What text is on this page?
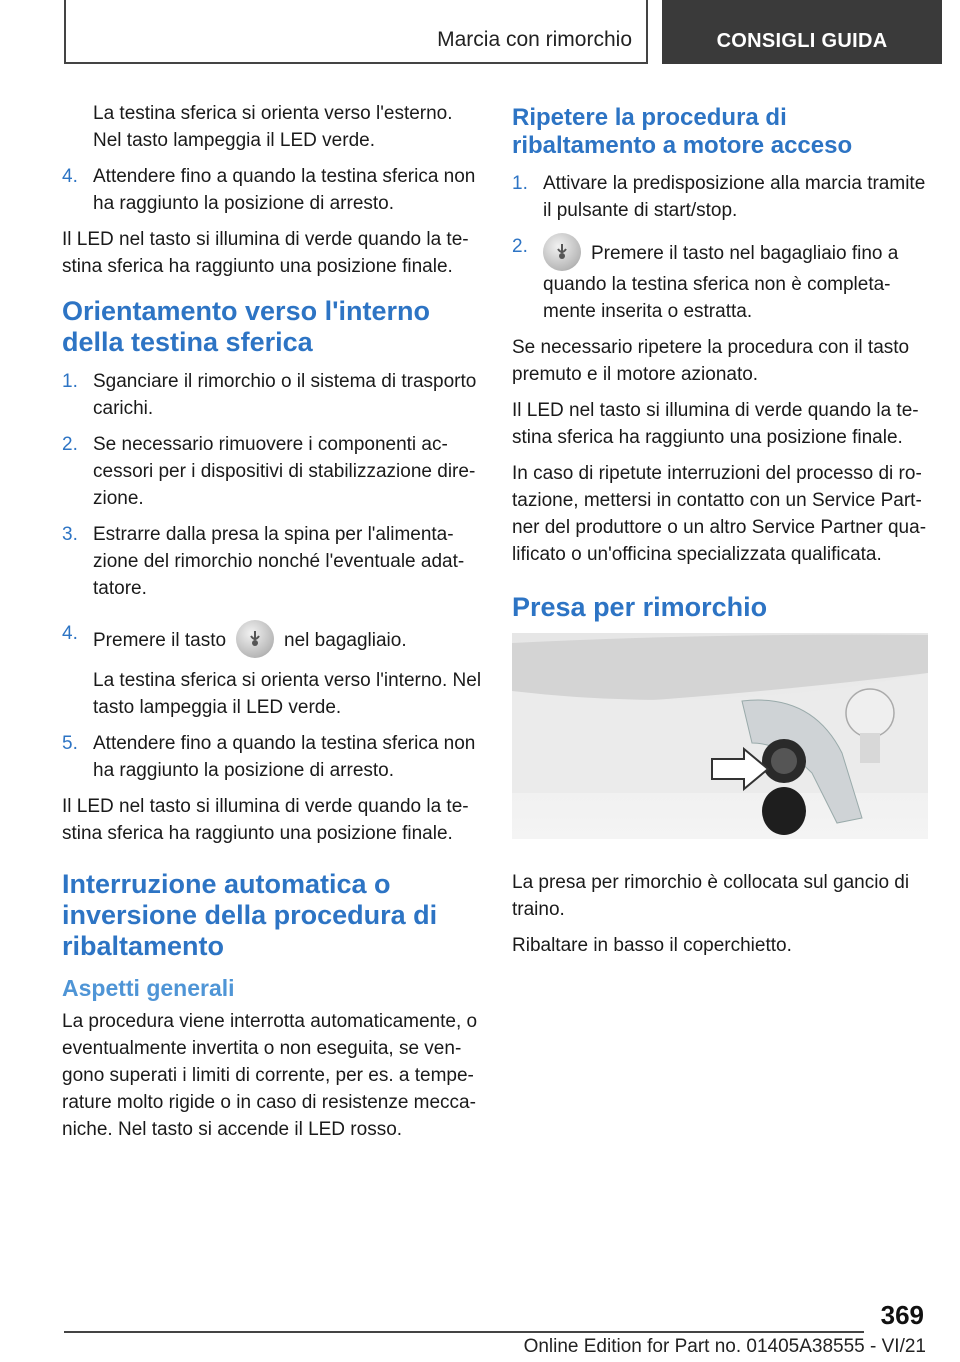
Marcia con rimorchio	CONSIGLI GUIDA

La testina sferica si orienta verso l'esterno. Nel tasto lampeggia il LED verde.

4. Attendere fino a quando la testina sferica non ha raggiunto la posizione di arresto.

Il LED nel tasto si illumina di verde quando la testina sferica ha raggiunto una posizione finale.

Orientamento verso l'interno della testina sferica
1. Sganciare il rimorchio o il sistema di trasporto carichi.
2. Se necessario rimuovere i componenti accessori per i dispositivi di stabilizzazione direzione.
3. Estrarre dalla presa la spina per l'alimentazione del rimorchio nonché l'eventuale adattatore.
4. Premere il tasto	nel bagagliaio.
La testina sferica si orienta verso l'interno. Nel tasto lampeggia il LED verde.
5. Attendere fino a quando la testina sferica non ha raggiunto la posizione di arresto.

Il LED nel tasto si illumina di verde quando la testina sferica ha raggiunto una posizione finale.

Interruzione automatica o inversione della procedura di ribaltamento
Aspetti generali

La procedura viene interrotta automaticamente, o eventualmente invertita o non eseguita, se vengono superati i limiti di corrente, per es. a temperature molto rigide o in caso di resistenze meccaniche. Nel tasto si accende il LED rosso.

Ripetere la procedura di ribaltamento a motore acceso
1. Attivare la predisposizione alla marcia tramite il pulsante di start/stop.
2.	Premere il tasto nel bagagliaio fino a quando la testina sferica non è completamente inserita o estratta.

Se necessario ripetere la procedura con il tasto premuto e il motore azionato.

Il LED nel tasto si illumina di verde quando la testina sferica ha raggiunto una posizione finale.

In caso di ripetute interruzioni del processo di rotazione, mettersi in contatto con un Service Partner del produttore o un altro Service Partner qualificato o un'officina specializzata qualificata.

Presa per rimorchio

La presa per rimorchio è collocata sul gancio di traino.

Ribaltare in basso il coperchietto.

369
Online Edition for Part no. 01405A38555 - VI/21
